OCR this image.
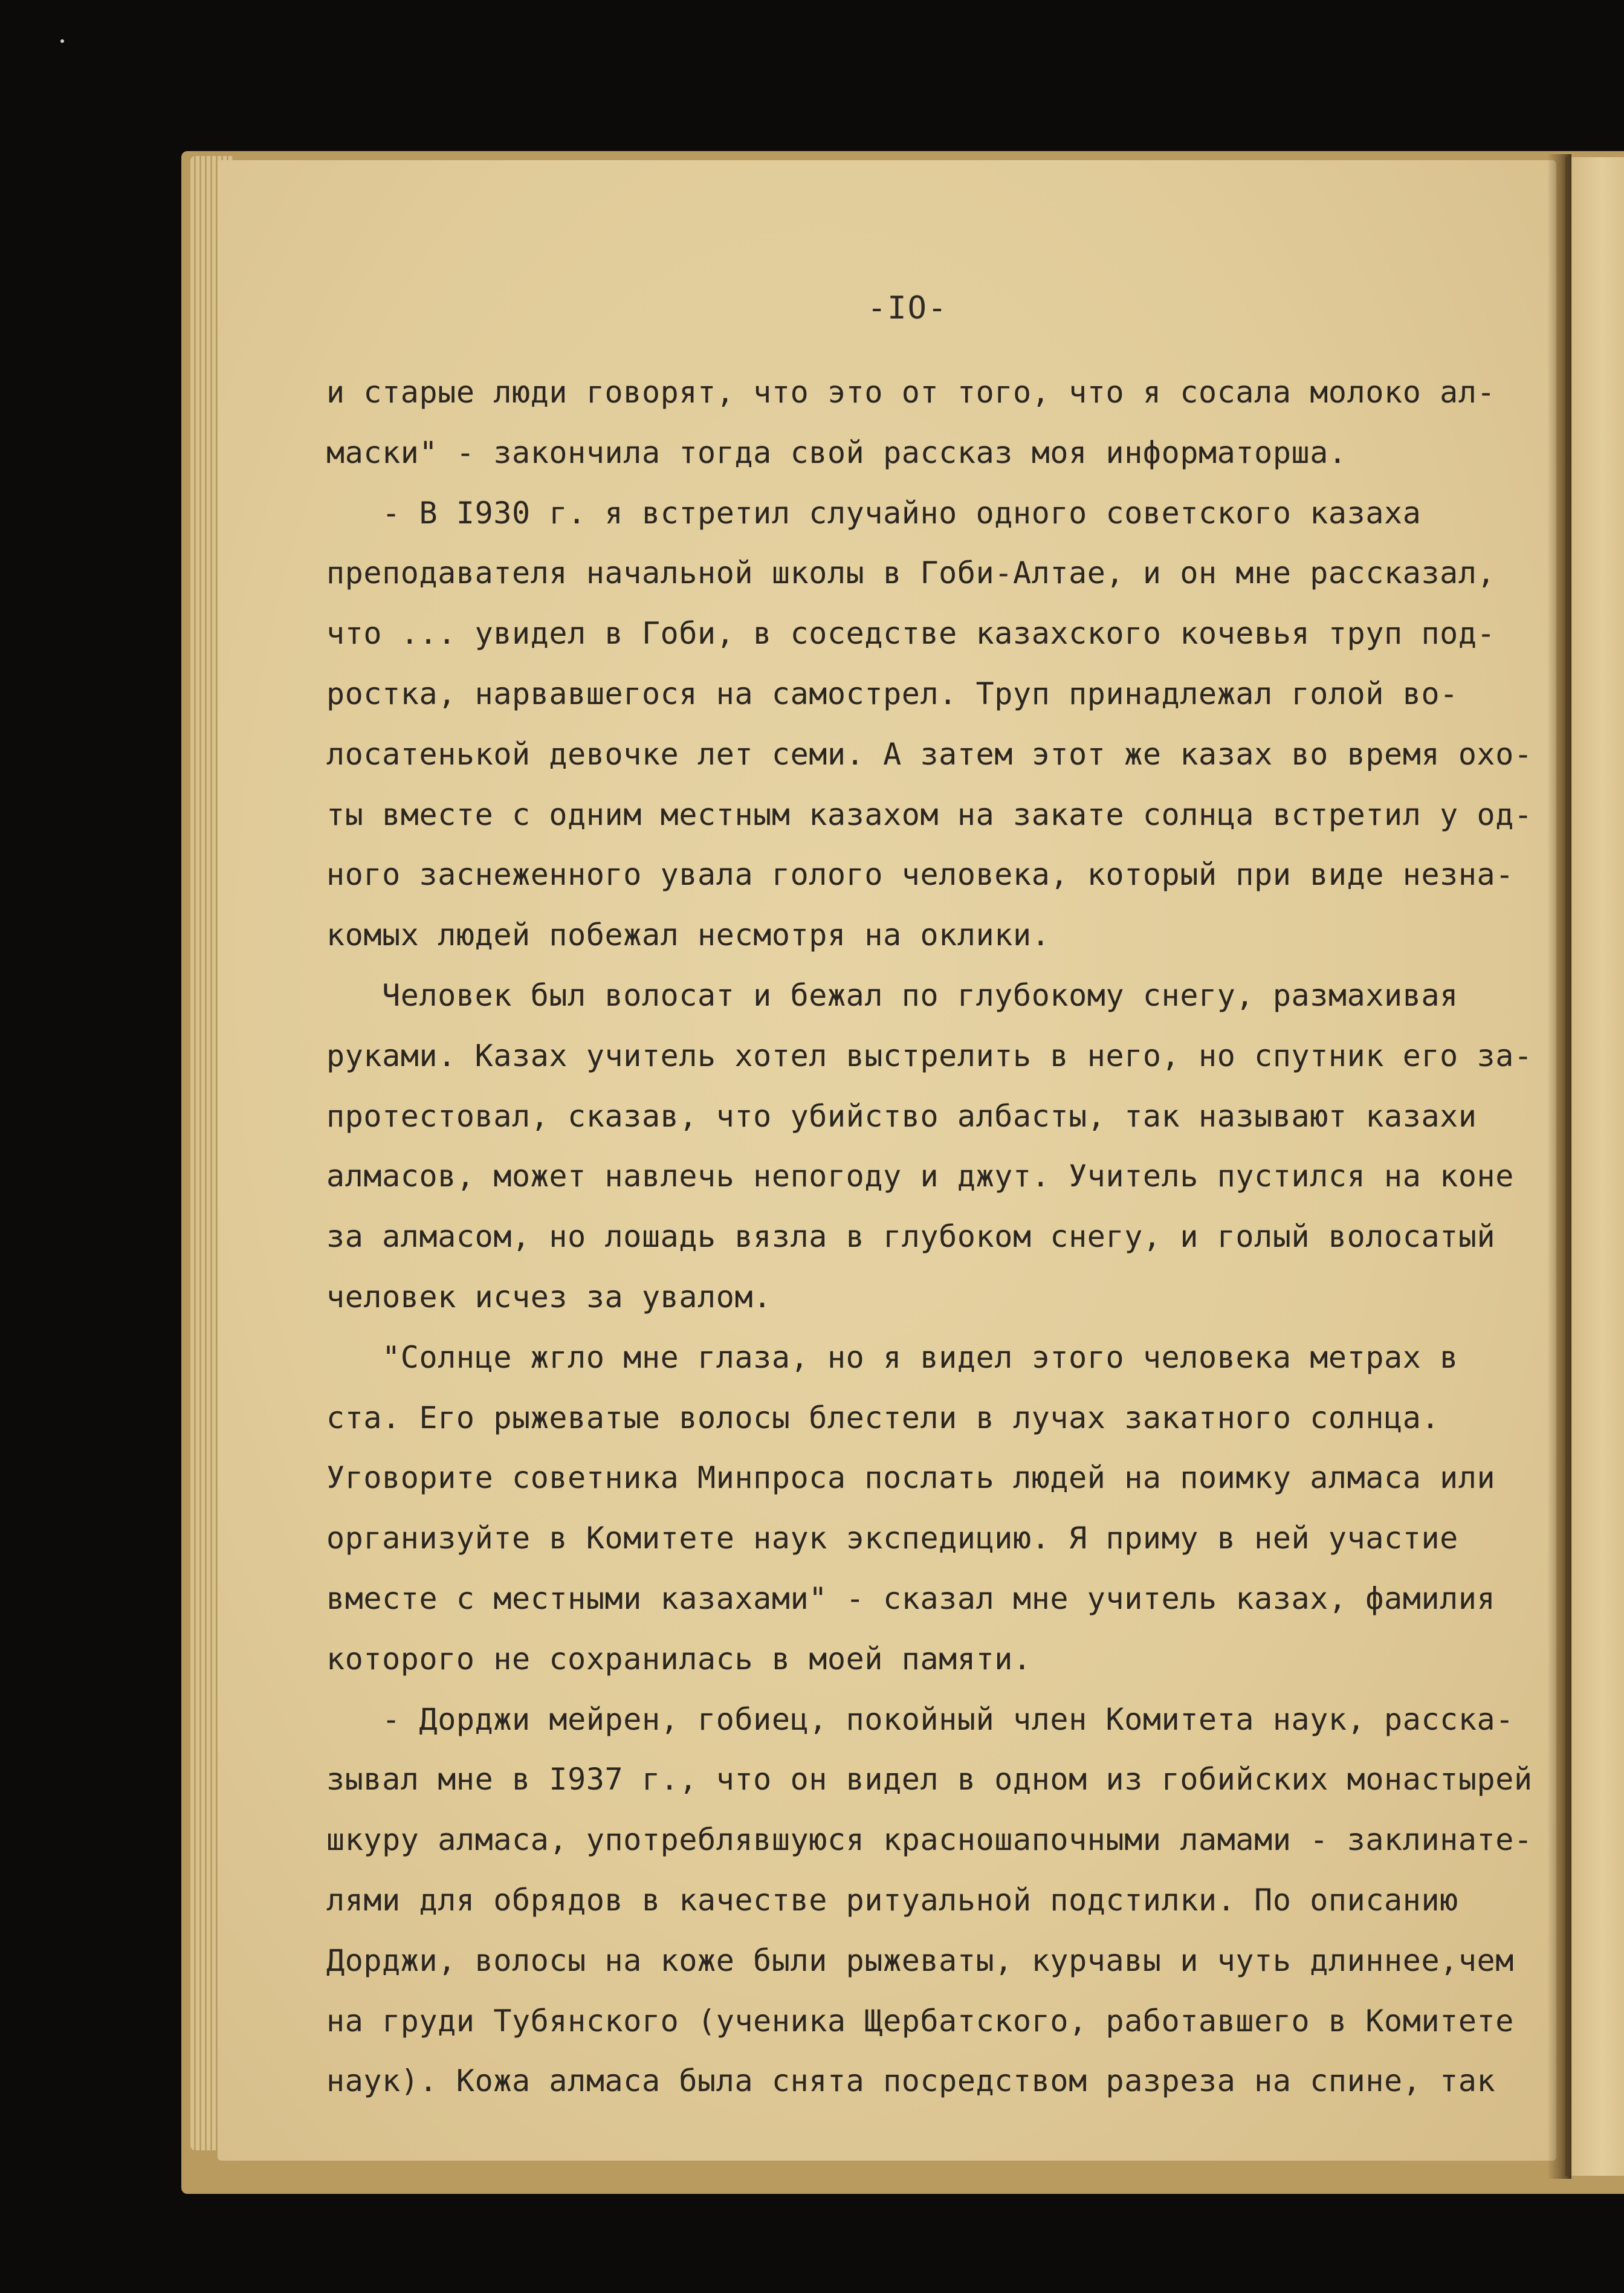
-IO-
и старые люди говорят, что это от того, что я сосала молоко ал-
маски" - закончила тогда свой рассказ моя информаторша.
- В I930 г. я встретил случайно одного советского казаха
преподавателя начальной школы в Гоби-Алтае, и он мне рассказал,
что ... увидел в Гоби, в соседстве казахского кочевья труп под-
ростка, нарвавшегося на самострел. Труп принадлежал голой во-
лосатенькой девочке лет семи. А затем этот же казах во время охо-
ты вместе с одним местным казахом на закате солнца встретил у од-
ного заснеженного увала голого человека, который при виде незна-
комых людей побежал несмотря на оклики.
Человек был волосат и бежал по глубокому снегу, размахивая
руками. Казах учитель хотел выстрелить в него, но спутник его за-
протестовал, сказав, что убийство албасты, так называют казахи
алмасов, может навлечь непогоду и джут. Учитель пустился на коне
за алмасом, но лошадь вязла в глубоком снегу, и голый волосатый
человек исчез за увалом.
"Солнце жгло мне глаза, но я видел этого человека метрах в
ста. Его рыжеватые волосы блестели в лучах закатного солнца.
Уговорите советника Минпроса послать людей на поимку алмаса или
организуйте в Комитете наук экспедицию. Я приму в ней участие
вместе с местными казахами" - сказал мне учитель казах, фамилия
которого не сохранилась в моей памяти.
- Дорджи мейрен, гобиец, покойный член Комитета наук, расска-
зывал мне в I937 г., что он видел в одном из гобийских монастырей
шкуру алмаса, употреблявшуюся красношапочными ламами - заклинате-
лями для обрядов в качестве ритуальной подстилки. По описанию
Дорджи, волосы на коже были рыжеваты, курчавы и чуть длиннее,чем
на груди Тубянского (ученика Щербатского, работавшего в Комитете
наук). Кожа алмаса была снята посредством разреза на спине, так
